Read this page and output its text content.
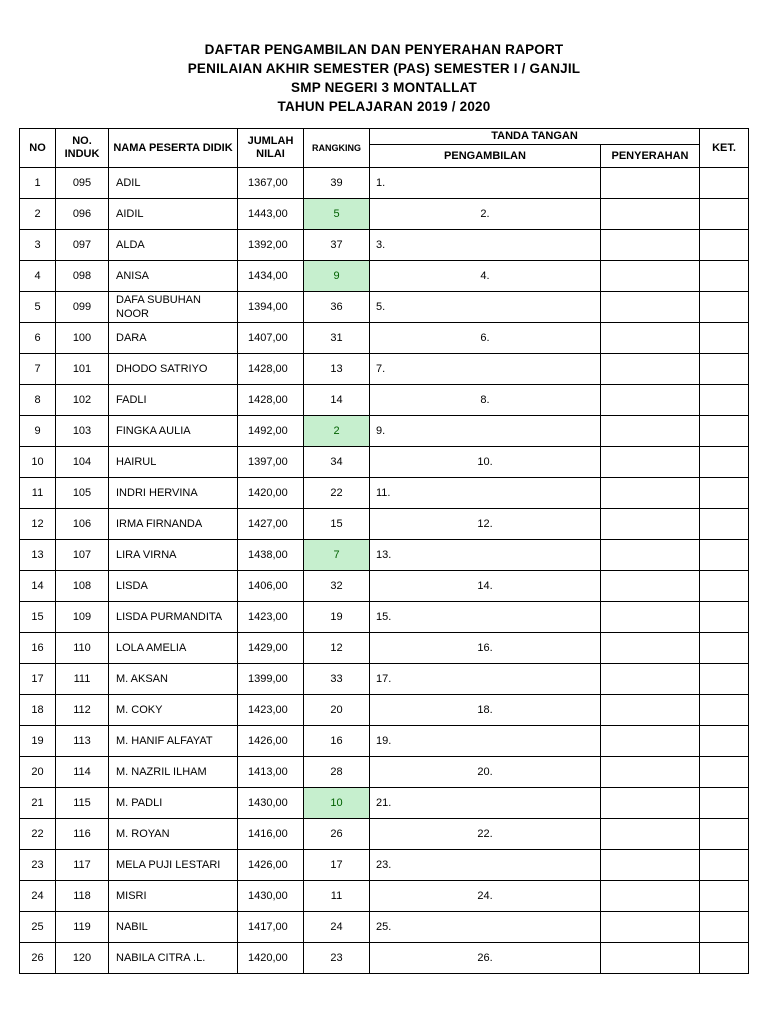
DAFTAR PENGAMBILAN DAN PENYERAHAN RAPORT
PENILAIAN AKHIR SEMESTER (PAS) SEMESTER I / GANJIL
SMP NEGERI 3 MONTALLAT
TAHUN PELAJARAN 2019 / 2020
NO	NO. INDUK	NAMA PESERTA DIDIK	JUMLAH NILAI	RANGKING	TANDA TANGAN		KET.
					PENGAMBILAN	PENYERAHAN	
1	095	ADIL	1367,00	39	1.		
2	096	AIDIL	1443,00	5	2.		
3	097	ALDA	1392,00	37	3.		
4	098	ANISA	1434,00	9	4.		
5	099	DAFA SUBUHAN NOOR	1394,00	36	5.		
6	100	DARA	1407,00	31	6.		
7	101	DHODO SATRIYO	1428,00	13	7.		
8	102	FADLI	1428,00	14	8.		
9	103	FINGKA AULIA	1492,00	2	9.		
10	104	HAIRUL	1397,00	34	10.		
11	105	INDRI HERVINA	1420,00	22	11.		
12	106	IRMA FIRNANDA	1427,00	15	12.		
13	107	LIRA VIRNA	1438,00	7	13.		
14	108	LISDA	1406,00	32	14.		
15	109	LISDA PURMANDITA	1423,00	19	15.		
16	110	LOLA AMELIA	1429,00	12	16.		
17	111	M. AKSAN	1399,00	33	17.		
18	112	M. COKY	1423,00	20	18.		
19	113	M. HANIF ALFAYAT	1426,00	16	19.		
20	114	M. NAZRIL ILHAM	1413,00	28	20.		
21	115	M. PADLI	1430,00	10	21.		
22	116	M. ROYAN	1416,00	26	22.		
23	117	MELA PUJI LESTARI	1426,00	17	23.		
24	118	MISRI	1430,00	11	24.		
25	119	NABIL	1417,00	24	25.		
26	120	NABILA CITRA .L.	1420,00	23	26.		
